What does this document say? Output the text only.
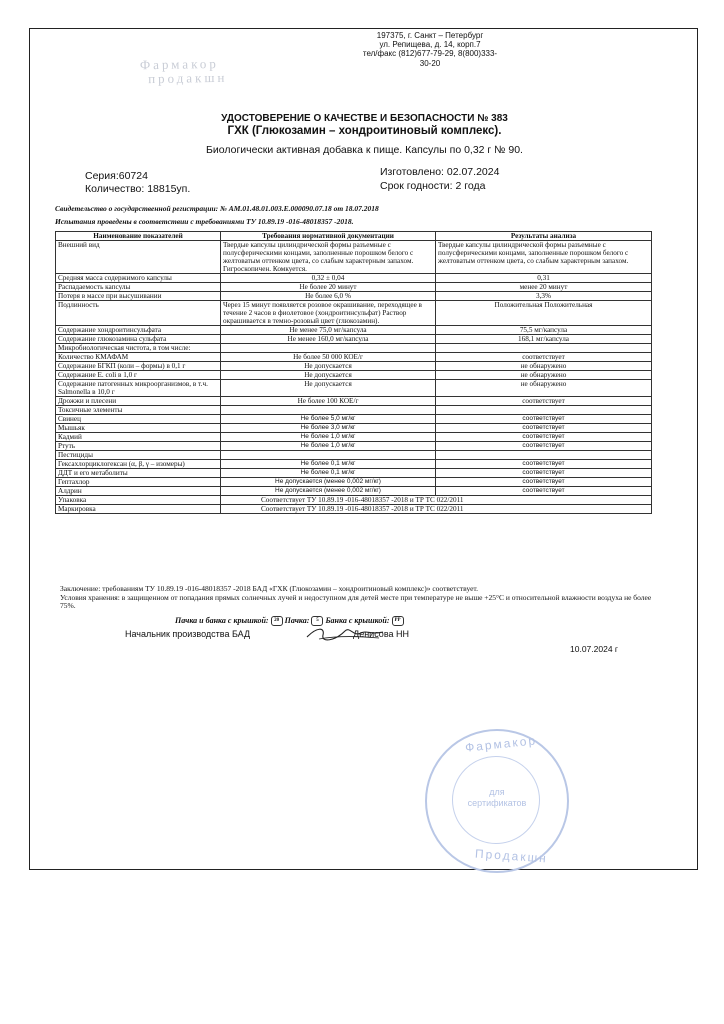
Фармакор
продакшн
197375, г. Санкт – Петербург
ул. Репищева, д. 14, корп.7
тел/факс (812)677-79-29, 8(800)333-
30-20
УДОСТОВЕРЕНИЕ О КАЧЕСТВЕ И БЕЗОПАСНОСТИ № 383
ГХК (Глюкозамин – хондроитиновый комплекс).
Биологически активная добавка к пище. Капсулы по 0,32 г № 90.
Серия:60724
Количество: 18815уп.
Изготовлено: 02.07.2024
Срок годности: 2 года
Свидетельство о государственной регистрации: № AM.01.48.01.003.E.000090.07.18 от 18.07.2018
Испытания проведены в соответствии с требованиями ТУ 10.89.19 -016-48018357 -2018.
Наименование показателей	Требования нормативной документации	Результаты анализа
Внешний вид	Твердые капсулы цилиндрической формы разъемные с полусферическими концами, заполненные порошком белого с желтоватым оттенком цвета, со слабым характерным запахом. Гигроскопичен. Комкуется.	Твердые капсулы цилиндрической формы разъемные с полусферическими концами, заполненные порошком белого с желтоватым оттенком цвета, со слабым характерным запахом.
Средняя масса содержимого капсулы	0,32 ± 0,04	0,31
Распадаемость капсулы	Не более 20 минут	менее 20 минут
Потеря в массе при высушивании	Не более 6,0 %	3,3%
Подлинность	Через 15 минут появляется розовое окрашивание, переходящее в течение 2 часов в фиолетовое (хондроитинсульфат) Раствор окрашивается в темно-розовый цвет (глюкозамин).	Положительная Положительная
Содержание хондроитинсульфата	Не менее 75,0 мг/капсула	75,5 мг/капсула
Содержание глюкозамина сульфата	Не менее 160,0 мг/капсула	168,1 мг/капсула
Микробиологическая чистота, в том числе:		
Количество КМАФАМ	Не более 50 000 КОЕ/г	соответствует
Содержание БГКП (коли – формы) в 0,1 г	Не допускается	не обнаружено
Содержание E. coli в 1,0 г	Не допускается	не обнаружено
Содержание патогенных микроорганизмов, в т.ч. Salmonella в 10,0 г	Не допускается	не обнаружено
Дрожжи и плесени	Не более 100 КОЕ/г	соответствует
Токсичные элементы		
Свинец	Не более 5,0 мг/кг	соответствует
Мышьяк	Не более 3,0 мг/кг	соответствует
Кадмий	Не более 1,0 мг/кг	соответствует
Ртуть	Не более 1,0 мг/кг	соответствует
Пестициды		
Гексахлорциклогексан (α, β, γ – изомеры)	Не более 0,1 мг/кг	соответствует
ДДТ и его метаболиты	Не более 0,1 мг/кг	соответствует
Гептахлор	Не допускается (менее 0,002 мг/кг)	соответствует
Алдрин	Не допускается (менее 0,002 мг/кг)	соответствует
Упаковка	Соответствует ТУ 10.89.19 -016-48018357 -2018 и ТР ТС 022/2011	
Маркировка	Соответствует ТУ 10.89.19 -016-48018357 -2018 и ТР ТС 022/2011	
Заключение: требованиям ТУ 10.89.19 -016-48018357 -2018 БАД «ГХК (Глюкозамин – хондроитиновый комплекс)» соответствует.
Условия хранения: в защищенном от попадания прямых солнечных лучей и недоступном для детей месте при температуре не выше +25°С и относительной влажности воздуха не более 75%.
Пачка и банка с крышкой: 20 Пачка: 5 Банка с крышкой: PP
Начальник производства БАД	Денисова НН
10.07.2024 г
Фармакор
для
сертификатов
Продакшн
